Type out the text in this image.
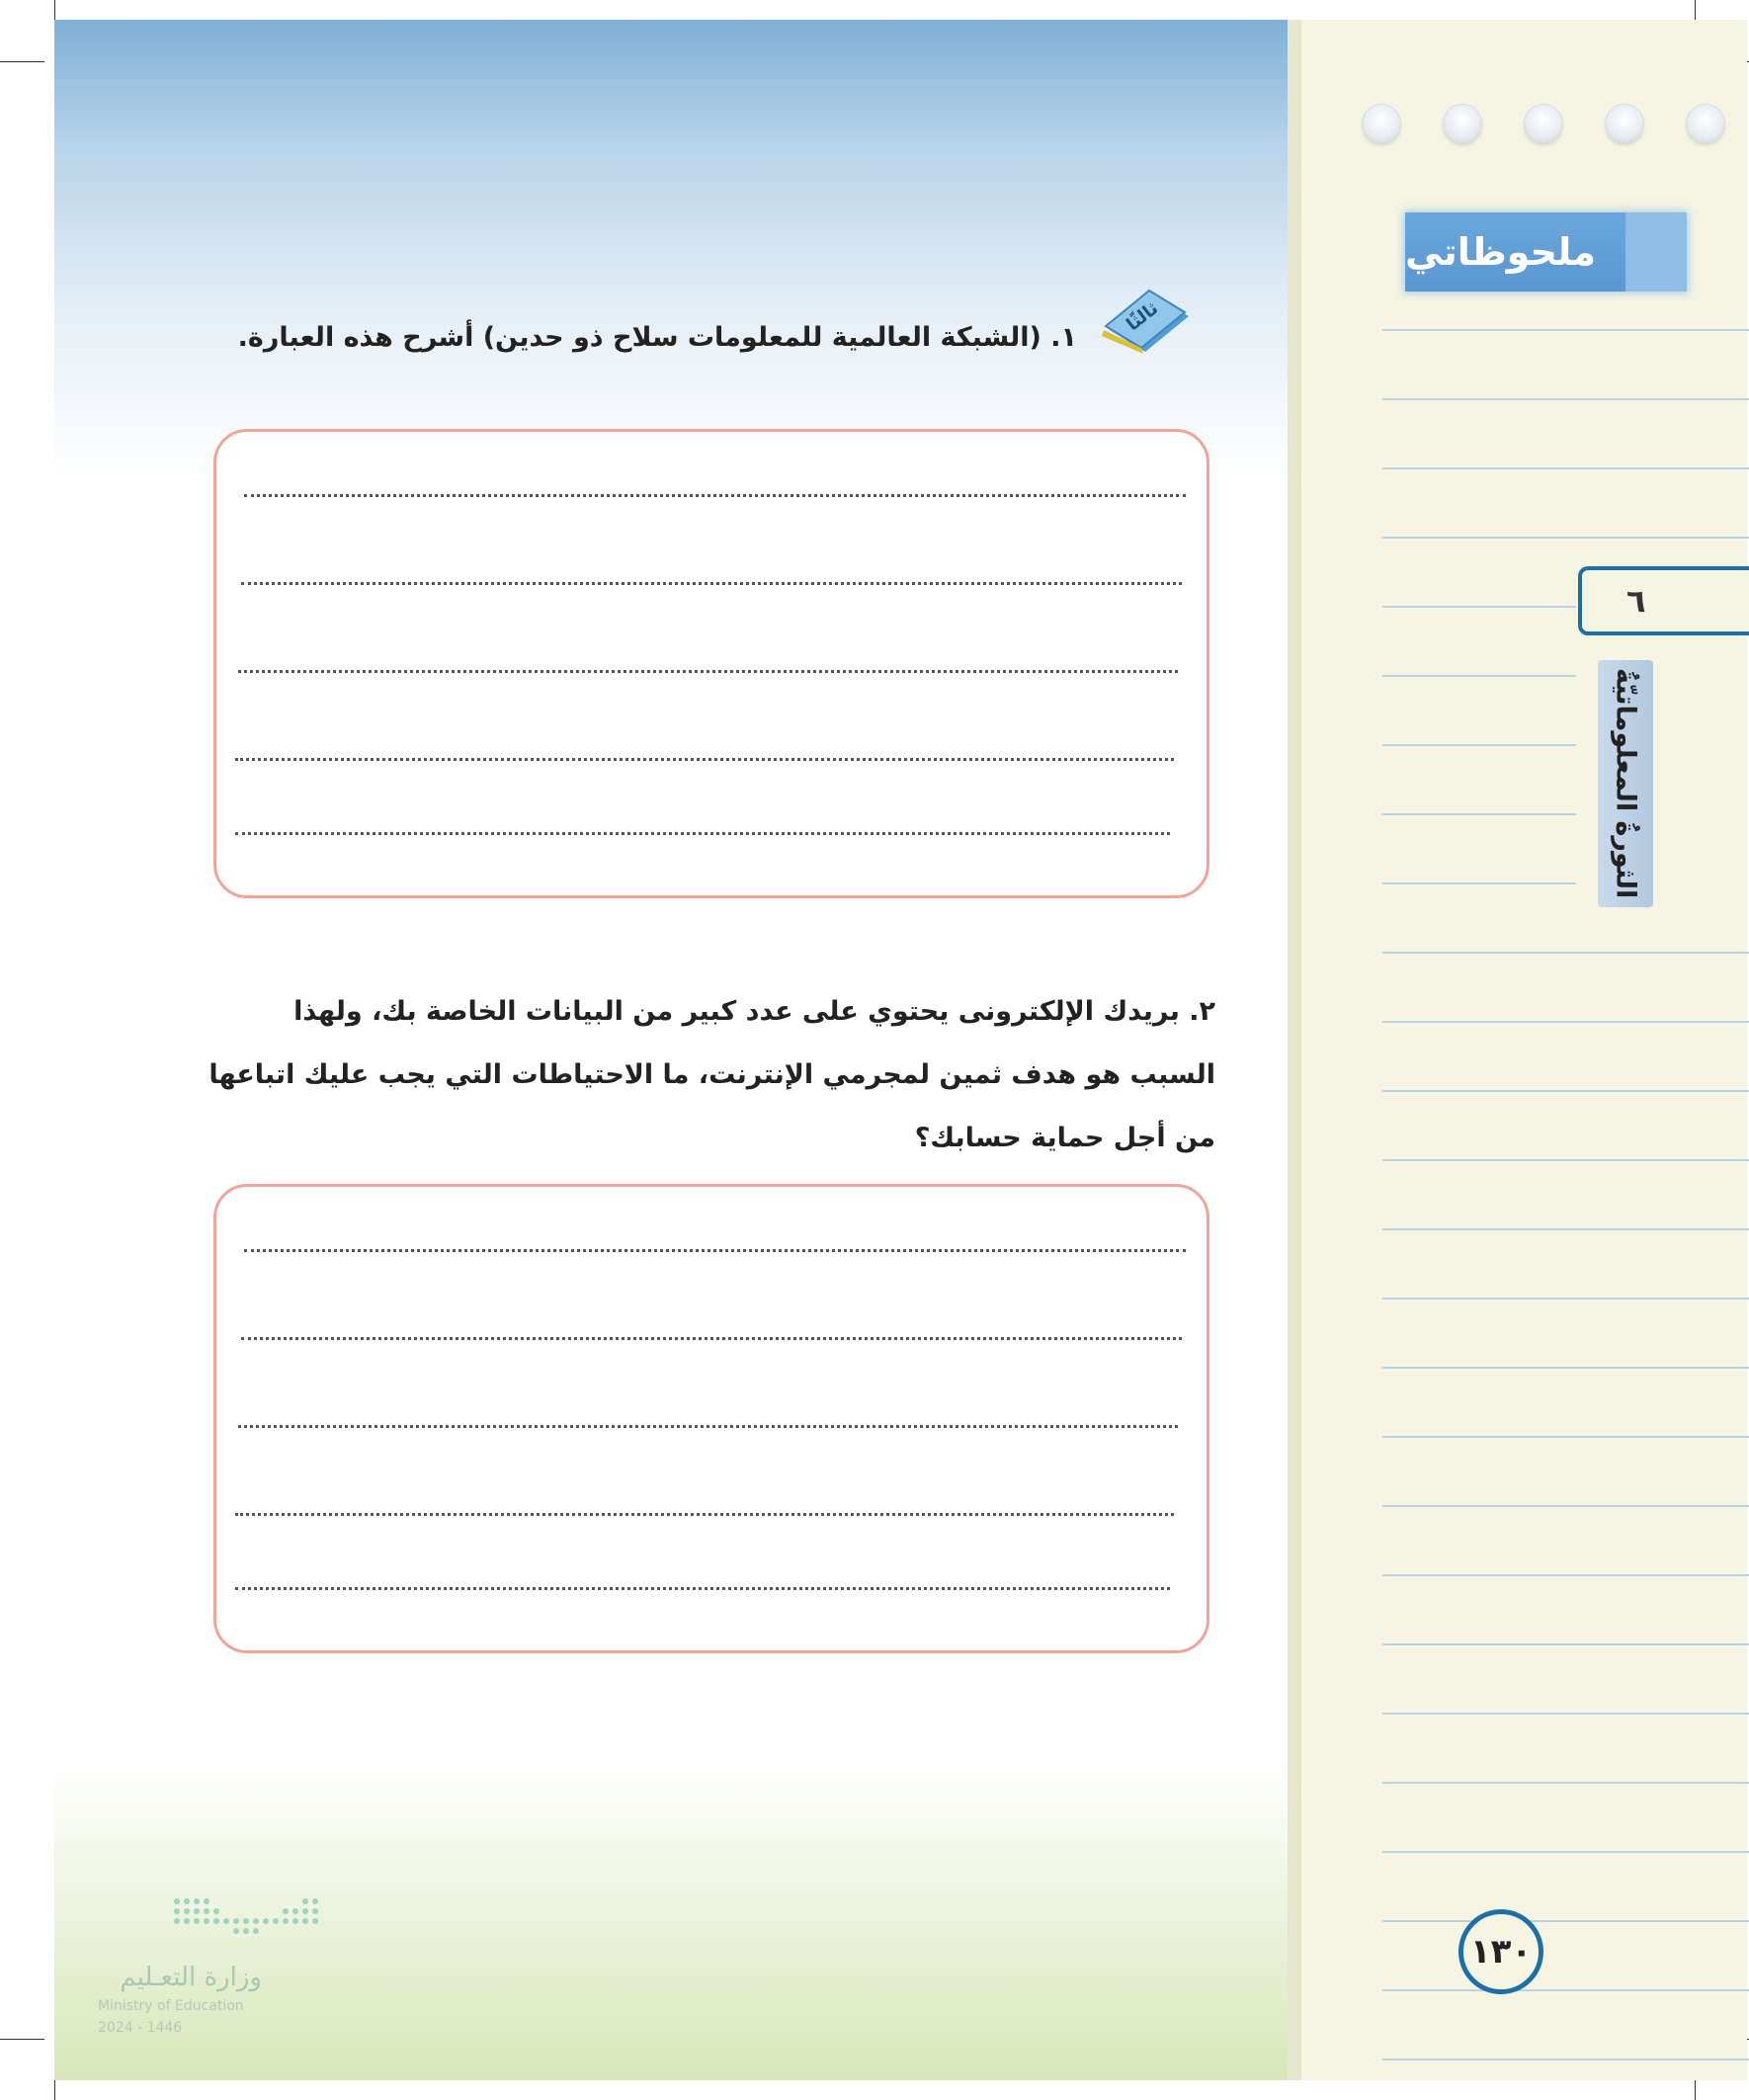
ملحوظاتي
٦
الثورةُ المعلوماتيّةُ
١٣٠
ثالثًا
١. (الشبكة العالمية للمعلومات سلاح ذو حدين) أشرح هذه العبارة.
٢. بريدك الإلكترونى يحتوي على عدد كبير من البيانات الخاصة بك، ولهذا السبب هو هدف ثمين لمجرمي الإنترنت، ما الاحتياطات التي يجب عليك اتباعها من أجل حماية حسابك؟
وزارة التعـليم
Ministry of Education
2024 - 1446
